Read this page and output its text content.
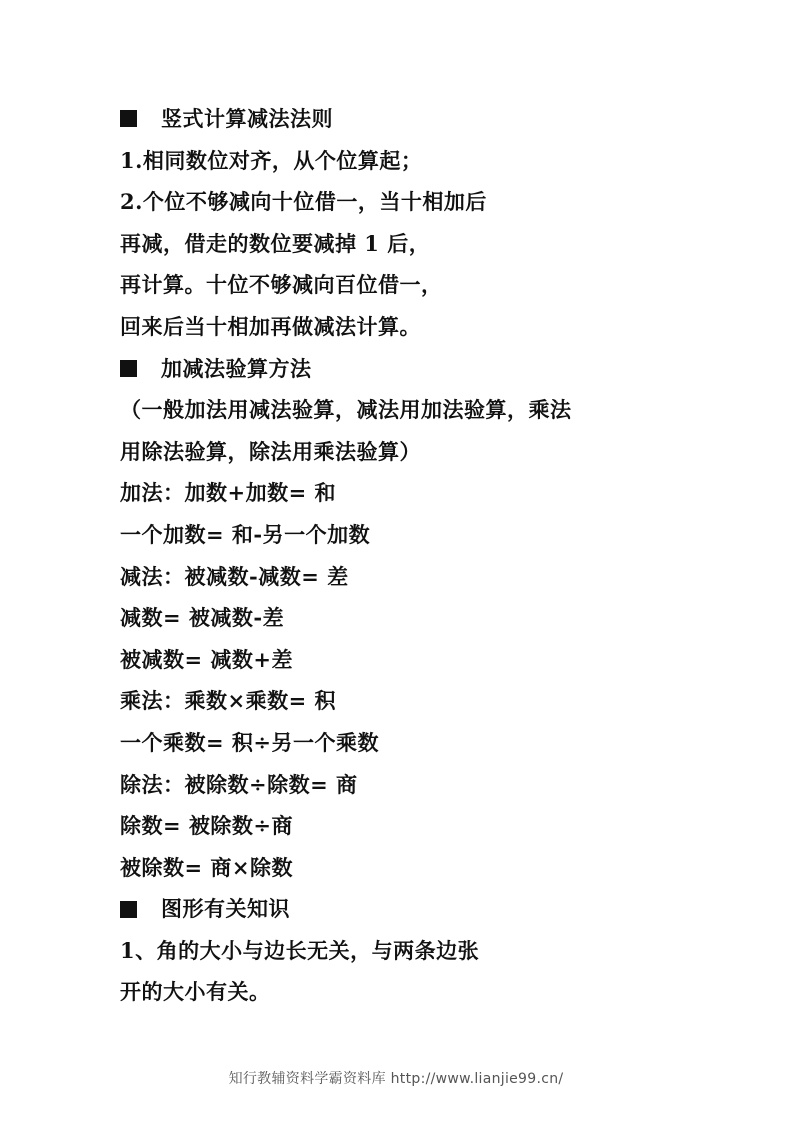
竖式计算减法法则
1.相同数位对齐，从个位算起；
2.个位不够减向十位借一，当十相加后
再减，借走的数位要减掉 1 后，
再计算。十位不够减向百位借一，
回来后当十相加再做减法计算。
加减法验算方法
（一般加法用减法验算，减法用加法验算，乘法
用除法验算，除法用乘法验算）
加法：加数+加数= 和
一个加数= 和-另一个加数
减法：被减数-减数= 差
减数= 被减数-差
被减数= 减数+差
乘法：乘数×乘数= 积
一个乘数= 积÷另一个乘数
除法：被除数÷除数= 商
除数= 被除数÷商
被除数= 商×除数
图形有关知识
1、角的大小与边长无关，与两条边张
开的大小有关。
知行教辅资料学霸资料库 http://www.lianjie99.cn/
